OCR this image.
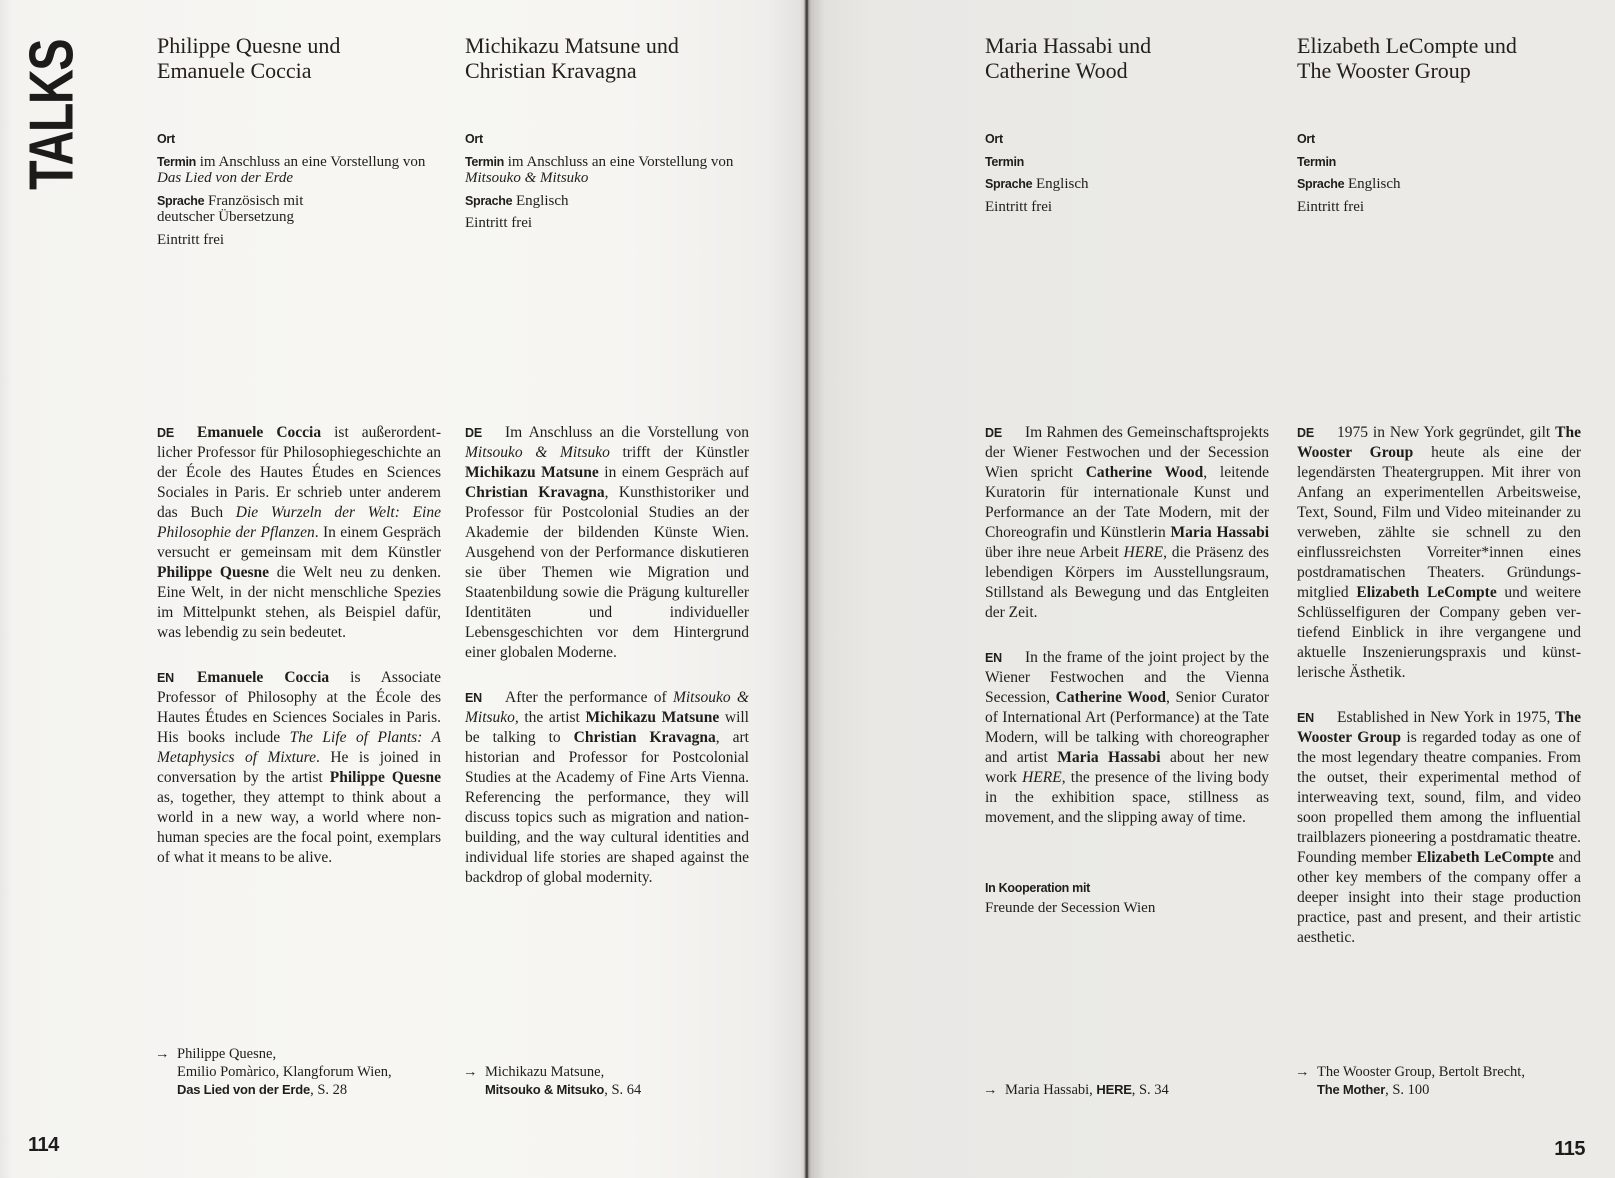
TALKS	Philippe Quesne und
Emanuele Coccia
Ort
Termin im Anschluss an eine Vorstellung von
Das Lied von der Erde
Sprache Französisch mit
deutscher Übersetzung
Eintritt frei

DE Emanuele Coccia ist außerordentlicher Professor für Philosophiegeschichte an der École des Hautes Études en Sciences Sociales in Paris. Er schrieb unter anderem das Buch Die Wurzeln der Welt: Eine Philosophie der Pflanzen. In einem Gespräch versucht er gemeinsam mit dem Künstler Philippe Quesne die Welt neu zu denken. Eine Welt, in der nicht menschliche Spezies im Mittelpunkt stehen, als Beispiel dafür, was lebendig zu sein bedeutet.

EN Emanuele Coccia is Associate Professor of Philosophy at the École des Hautes Études en Sciences Sociales in Paris. His books include The Life of Plants: A Metaphysics of Mixture. He is joined in conversation by the artist Philippe Quesne as, together, they attempt to think about a world in a new way, a world where non-human species are the focal point, exemplars of what it means to be alive.

→ Philippe Quesne,
Emilio Pomàrico, Klangforum Wien,
Das Lied von der Erde, S. 28
Michikazu Matsune und
Christian Kravagna
Ort
Termin im Anschluss an eine Vorstellung von
Mitsouko & Mitsuko
Sprache Englisch
Eintritt frei

DE Im Anschluss an die Vorstellung von Mitsouko & Mitsuko trifft der Künstler Michikazu Matsune in einem Gespräch auf Christian Kravagna, Kunsthistoriker und Professor für Postcolonial Studies an der Akademie der bildenden Künste Wien. Ausgehend von der Performance diskutieren sie über Themen wie Migration und Staatenbildung sowie die Prägung kultureller Identitäten und individueller Lebensgeschichten vor dem Hintergrund einer globalen Moderne.

EN After the performance of Mitsouko & Mitsuko, the artist Michikazu Matsune will be talking to Christian Kravagna, art historian and Professor for Postcolonial Studies at the Academy of Fine Arts Vienna. Referencing the performance, they will discuss topics such as migration and nation-building, and the way cultural identities and individual life stories are shaped against the backdrop of global modernity.

→ Michikazu Matsune,
Mitsouko & Mitsuko, S. 64
114
Maria Hassabi und
Catherine Wood
Ort
Termin
Sprache Englisch
Eintritt frei

DE Im Rahmen des Gemeinschaftsprojekts der Wiener Festwochen und der Secession Wien spricht Catherine Wood, leitende Kuratorin für internationale Kunst und Performance an der Tate Modern, mit der Choreografin und Künstlerin Maria Hassabi über ihre neue Arbeit HERE, die Präsenz des lebendigen Körpers im Ausstellungsraum, Stillstand als Bewegung und das Entgleiten der Zeit.

EN In the frame of the joint project by the Wiener Festwochen and the Vienna Secession, Catherine Wood, Senior Curator of International Art (Performance) at the Tate Modern, will be talking with choreographer and artist Maria Hassabi about her new work HERE, the presence of the living body in the exhibition space, stillness as movement, and the slipping away of time.

In Kooperation mit
Freunde der Secession Wien
→ Maria Hassabi, HERE, S. 34
Elizabeth LeCompte und
The Wooster Group
Ort
Termin
Sprache Englisch
Eintritt frei

DE 1975 in New York gegründet, gilt The Wooster Group heute als eine der legendärsten Theatergruppen. Mit ihrer von Anfang an experimentellen Arbeitsweise, Text, Sound, Film und Video miteinander zu verweben, zählte sie schnell zu den einflussreichsten Vorreiter*innen eines postdramatischen Theaters. Gründungsmitglied Elizabeth LeCompte und weitere Schlüsselfiguren der Company geben vertiefend Einblick in ihre vergangene und aktuelle Inszenierungspraxis und künstlerische Ästhetik.

EN Established in New York in 1975, The Wooster Group is regarded today as one of the most legendary theatre companies. From the outset, their experimental method of interweaving text, sound, film, and video soon propelled them among the influential trailblazers pioneering a postdramatic theatre. Founding member Elizabeth LeCompte and other key members of the company offer a deeper insight into their stage production practice, past and present, and their artistic aesthetic.

→ The Wooster Group, Bertolt Brecht,
The Mother, S. 100
115
